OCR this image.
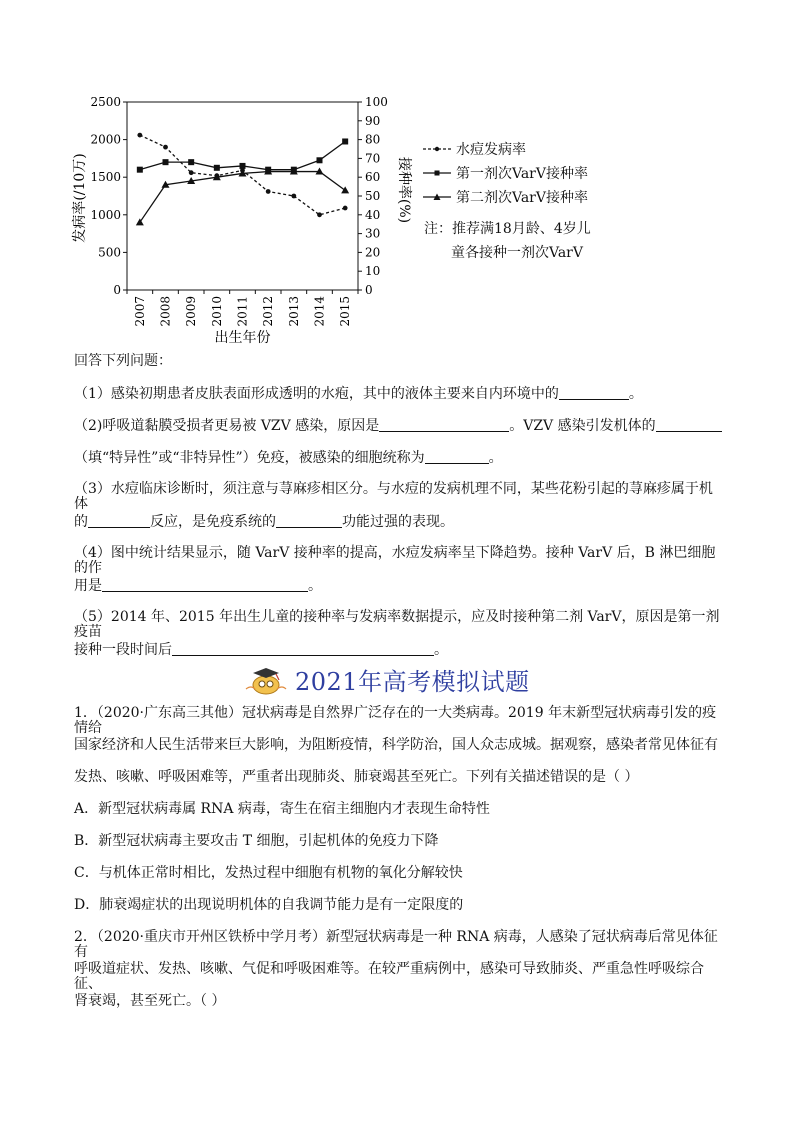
0
500
1000
1500
2000
2500
0
10
20
30
40
50
60
70
80
90
100
2007 2008 2009 2010 2011 2012 2013 2014 2015
发病率(/10万)	接种率(%)
出生年份
水痘发病率
第一剂次VarV接种率
第二剂次VarV接种率
注：推荐满18月龄、4岁儿
童各接种一剂次VarV
回答下列问题：
（1）感染初期患者皮肤表面形成透明的水疱，其中的液体主要来自内环境中的	。
（2)呼吸道黏膜受损者更易被 VZV 感染，原因是	。VZV 感染引发机体的
（填“特异性”或“非特异性”）免疫，被感染的细胞统称为	。
（3）水痘临床诊断时，须注意与荨麻疹相区分。与水痘的发病机理不同，某些花粉引起的荨麻疹属于机体
的	反应，是免疫系统的	功能过强的表现。
（4）图中统计结果显示，随 VarV 接种率的提高，水痘发病率呈下降趋势。接种 VarV 后，B 淋巴细胞的作
用是	。
（5）2014 年、2015 年出生儿童的接种率与发病率数据提示，应及时接种第二剂 VarV，原因是第一剂疫苗
接种一段时间后	。
2021年高考模拟试题
1．（2020·广东高三其他）冠状病毒是自然界广泛存在的一大类病毒。2019 年末新型冠状病毒引发的疫情给
国家经济和人民生活带来巨大影响，为阻断疫情，科学防治，国人众志成城。据观察，感染者常见体征有
发热、咳嗽、呼吸困难等，严重者出现肺炎、肺衰竭甚至死亡。下列有关描述错误的是（ ）
A．新型冠状病毒属 RNA 病毒，寄生在宿主细胞内才表现生命特性
B．新型冠状病毒主要攻击 T 细胞，引起机体的免疫力下降
C．与机体正常时相比，发热过程中细胞有机物的氧化分解较快
D．肺衰竭症状的出现说明机体的自我调节能力是有一定限度的
2．（2020·重庆市开州区铁桥中学月考）新型冠状病毒是一种 RNA 病毒，人感染了冠状病毒后常见体征有
呼吸道症状、发热、咳嗽、气促和呼吸困难等。在较严重病例中，感染可导致肺炎、严重急性呼吸综合征、
肾衰竭，甚至死亡。（ ）
